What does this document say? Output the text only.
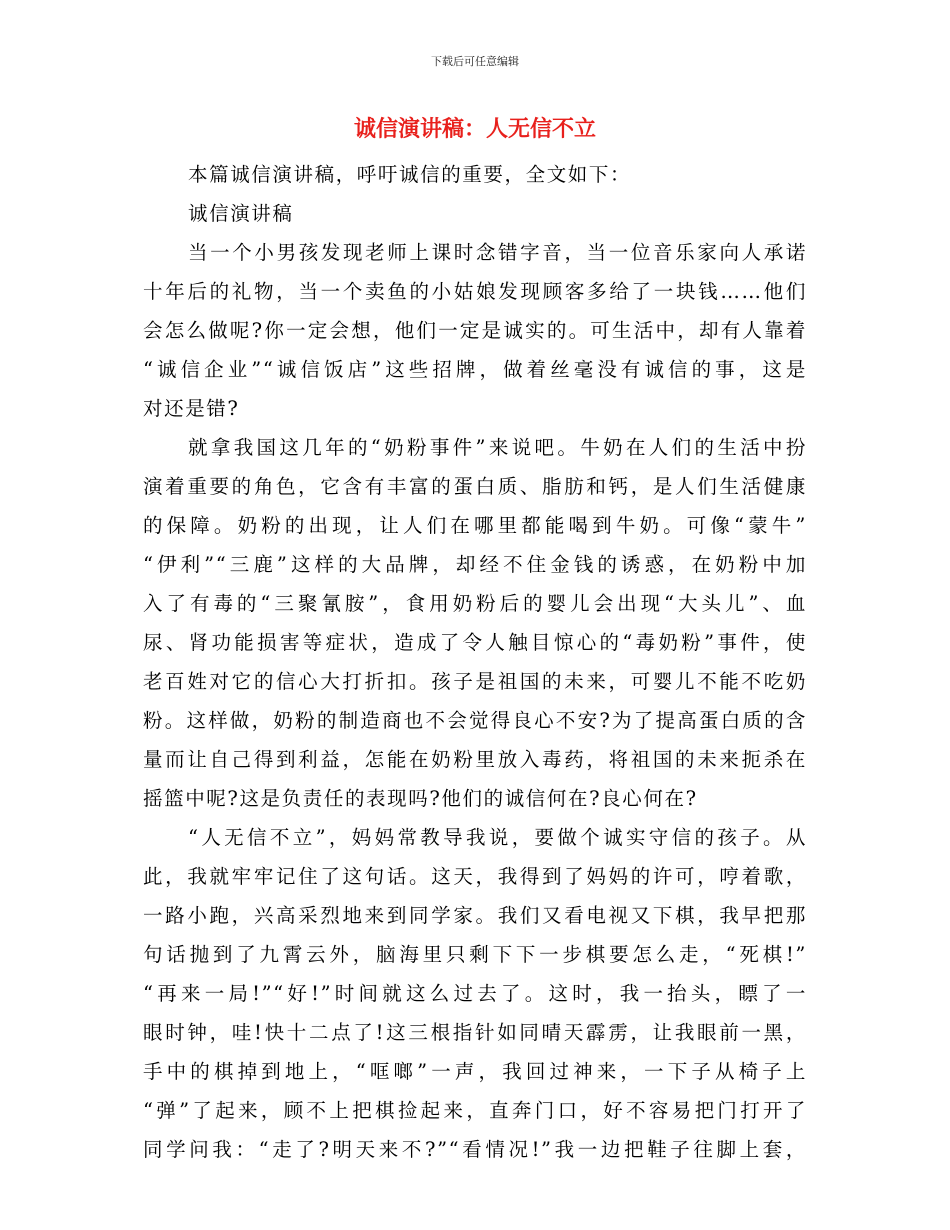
下载后可任意编辑
诚信演讲稿：人无信不立
本篇诚信演讲稿，呼吁诚信的重要，全文如下：
诚信演讲稿
当一个小男孩发现老师上课时念错字音，当一位音乐家向人承诺
十年后的礼物，当一个卖鱼的小姑娘发现顾客多给了一块钱……他们
会怎么做呢?你一定会想，他们一定是诚实的。可生活中，却有人靠着
“诚信企业”“诚信饭店”这些招牌，做着丝毫没有诚信的事，这是
对还是错?
就拿我国这几年的“奶粉事件”来说吧。牛奶在人们的生活中扮
演着重要的角色，它含有丰富的蛋白质、脂肪和钙，是人们生活健康
的保障。奶粉的出现，让人们在哪里都能喝到牛奶。可像“蒙牛”
“伊利”“三鹿”这样的大品牌，却经不住金钱的诱惑，在奶粉中加
入了有毒的“三聚氰胺”，食用奶粉后的婴儿会出现“大头儿”、血
尿、肾功能损害等症状，造成了令人触目惊心的“毒奶粉”事件，使
老百姓对它的信心大打折扣。孩子是祖国的未来，可婴儿不能不吃奶
粉。这样做，奶粉的制造商也不会觉得良心不安?为了提高蛋白质的含
量而让自己得到利益，怎能在奶粉里放入毒药，将祖国的未来扼杀在
摇篮中呢?这是负责任的表现吗?他们的诚信何在?良心何在?
“人无信不立”，妈妈常教导我说，要做个诚实守信的孩子。从
此，我就牢牢记住了这句话。这天，我得到了妈妈的许可，哼着歌，
一路小跑，兴高采烈地来到同学家。我们又看电视又下棋，我早把那
句话抛到了九霄云外，脑海里只剩下下一步棋要怎么走，“死棋!”
“再来一局!”“好!”时间就这么过去了。这时，我一抬头，瞟了一
眼时钟，哇!快十二点了!这三根指针如同晴天霹雳，让我眼前一黑，
手中的棋掉到地上，“哐啷”一声，我回过神来，一下子从椅子上
“弹”了起来，顾不上把棋捡起来，直奔门口，好不容易把门打开了
同学问我：“走了?明天来不?”“看情况!”我一边把鞋子往脚上套，
